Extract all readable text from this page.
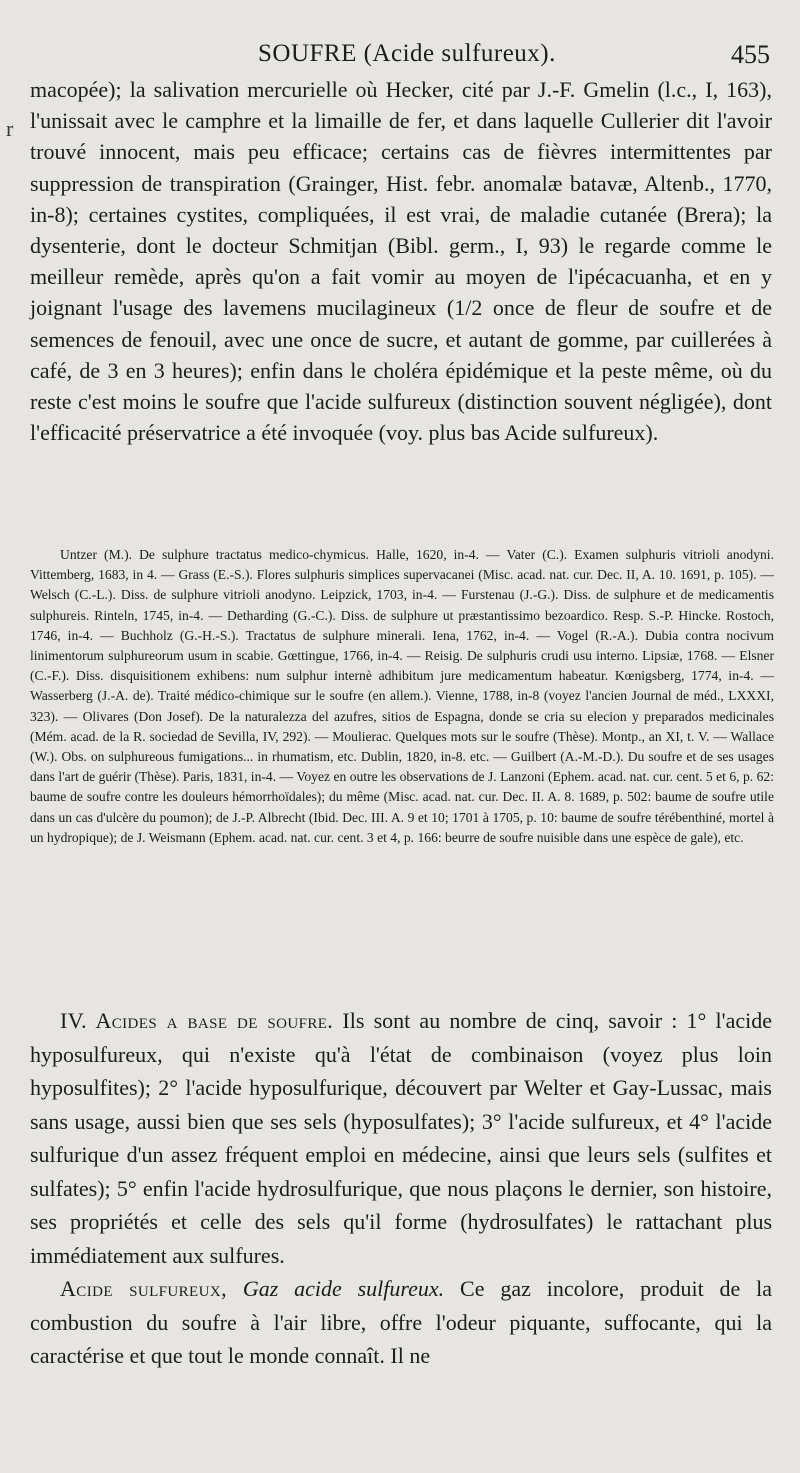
SOUFRE (Acide sulfureux).	455
r

macopée); la salivation mercurielle où Hecker, cité par J.-F. Gmelin (l.c., I, 163), l'unissait avec le camphre et la limaille de fer, et dans laquelle Cullerier dit l'avoir trouvé innocent, mais peu efficace; certains cas de fièvres intermittentes par suppression de transpiration (Grainger, Hist. febr. anomalæ batavæ, Altenb., 1770, in-8); certaines cystites, compliquées, il est vrai, de maladie cutanée (Brera); la dysenterie, dont le docteur Schmitjan (Bibl. germ., I, 93) le regarde comme le meilleur remède, après qu'on a fait vomir au moyen de l'ipécacuanha, et en y joignant l'usage des lavemens mucilagineux (1/2 once de fleur de soufre et de semences de fenouil, avec une once de sucre, et autant de gomme, par cuillerées à café, de 3 en 3 heures); enfin dans le choléra épidémique et la peste même, où du reste c'est moins le soufre que l'acide sulfureux (distinction souvent négligée), dont l'efficacité préservatrice a été invoquée (voy. plus bas Acide sulfureux).

Untzer (M.). De sulphure tractatus medico-chymicus. Halle, 1620, in-4. — Vater (C.). Examen sulphuris vitrioli anodyni. Vittemberg, 1683, in 4. — Grass (E.-S.). Flores sulphuris simplices supervacanei (Misc. acad. nat. cur. Dec. II, A. 10. 1691, p. 105). — Welsch (C.-L.). Diss. de sulphure vitrioli anodyno. Leipzick, 1703, in-4. — Furstenau (J.-G.). Diss. de sulphure et de medicamentis sulphureis. Rinteln, 1745, in-4. — Detharding (G.-C.). Diss. de sulphure ut præstantissimo bezoardico. Resp. S.-P. Hincke. Rostoch, 1746, in-4. — Buchholz (G.-H.-S.). Tractatus de sulphure minerali. Iena, 1762, in-4. — Vogel (R.-A.). Dubia contra nocivum linimentorum sulphureorum usum in scabie. Gœttingue, 1766, in-4. — Reisig. De sulphuris crudi usu interno. Lipsiæ, 1768. — Elsner (C.-F.). Diss. disquisitionem exhibens: num sulphur internè adhibitum jure medicamentum habeatur. Kœnigsberg, 1774, in-4. — Wasserberg (J.-A. de). Traité médico-chimique sur le soufre (en allem.). Vienne, 1788, in-8 (voyez l'ancien Journal de méd., LXXXI, 323). — Olivares (Don Josef). De la naturalezza del azufres, sitios de Espagna, donde se cria su elecion y preparados medicinales (Mém. acad. de la R. sociedad de Sevilla, IV, 292). — Moulierac. Quelques mots sur le soufre (Thèse). Montp., an XI, t. V. — Wallace (W.). Obs. on sulphureous fumigations... in rhumatism, etc. Dublin, 1820, in-8. etc. — Guilbert (A.-M.-D.). Du soufre et de ses usages dans l'art de guérir (Thèse). Paris, 1831, in-4. — Voyez en outre les observations de J. Lanzoni (Ephem. acad. nat. cur. cent. 5 et 6, p. 62: baume de soufre contre les douleurs hémorrhoïdales); du même (Misc. acad. nat. cur. Dec. II. A. 8. 1689, p. 502: baume de soufre utile dans un cas d'ulcère du poumon); de J.-P. Albrecht (Ibid. Dec. III. A. 9 et 10; 1701 à 1705, p. 10: baume de soufre térébenthiné, mortel à un hydropique); de J. Weismann (Ephem. acad. nat. cur. cent. 3 et 4, p. 166: beurre de soufre nuisible dans une espèce de gale), etc.

IV. Acides a base de soufre. Ils sont au nombre de cinq, savoir : 1° l'acide hyposulfureux, qui n'existe qu'à l'état de combinaison (voyez plus loin hyposulfites); 2° l'acide hyposulfurique, découvert par Welter et Gay-Lussac, mais sans usage, aussi bien que ses sels (hyposulfates); 3° l'acide sulfureux, et 4° l'acide sulfurique d'un assez fréquent emploi en médecine, ainsi que leurs sels (sulfites et sulfates); 5° enfin l'acide hydrosulfurique, que nous plaçons le dernier, son histoire, ses propriétés et celle des sels qu'il forme (hydrosulfates) le rattachant plus immédiatement aux sulfures.

Acide sulfureux, Gaz acide sulfureux. Ce gaz incolore, produit de la combustion du soufre à l'air libre, offre l'odeur piquante, suffocante, qui la caractérise et que tout le monde connaît. Il ne
